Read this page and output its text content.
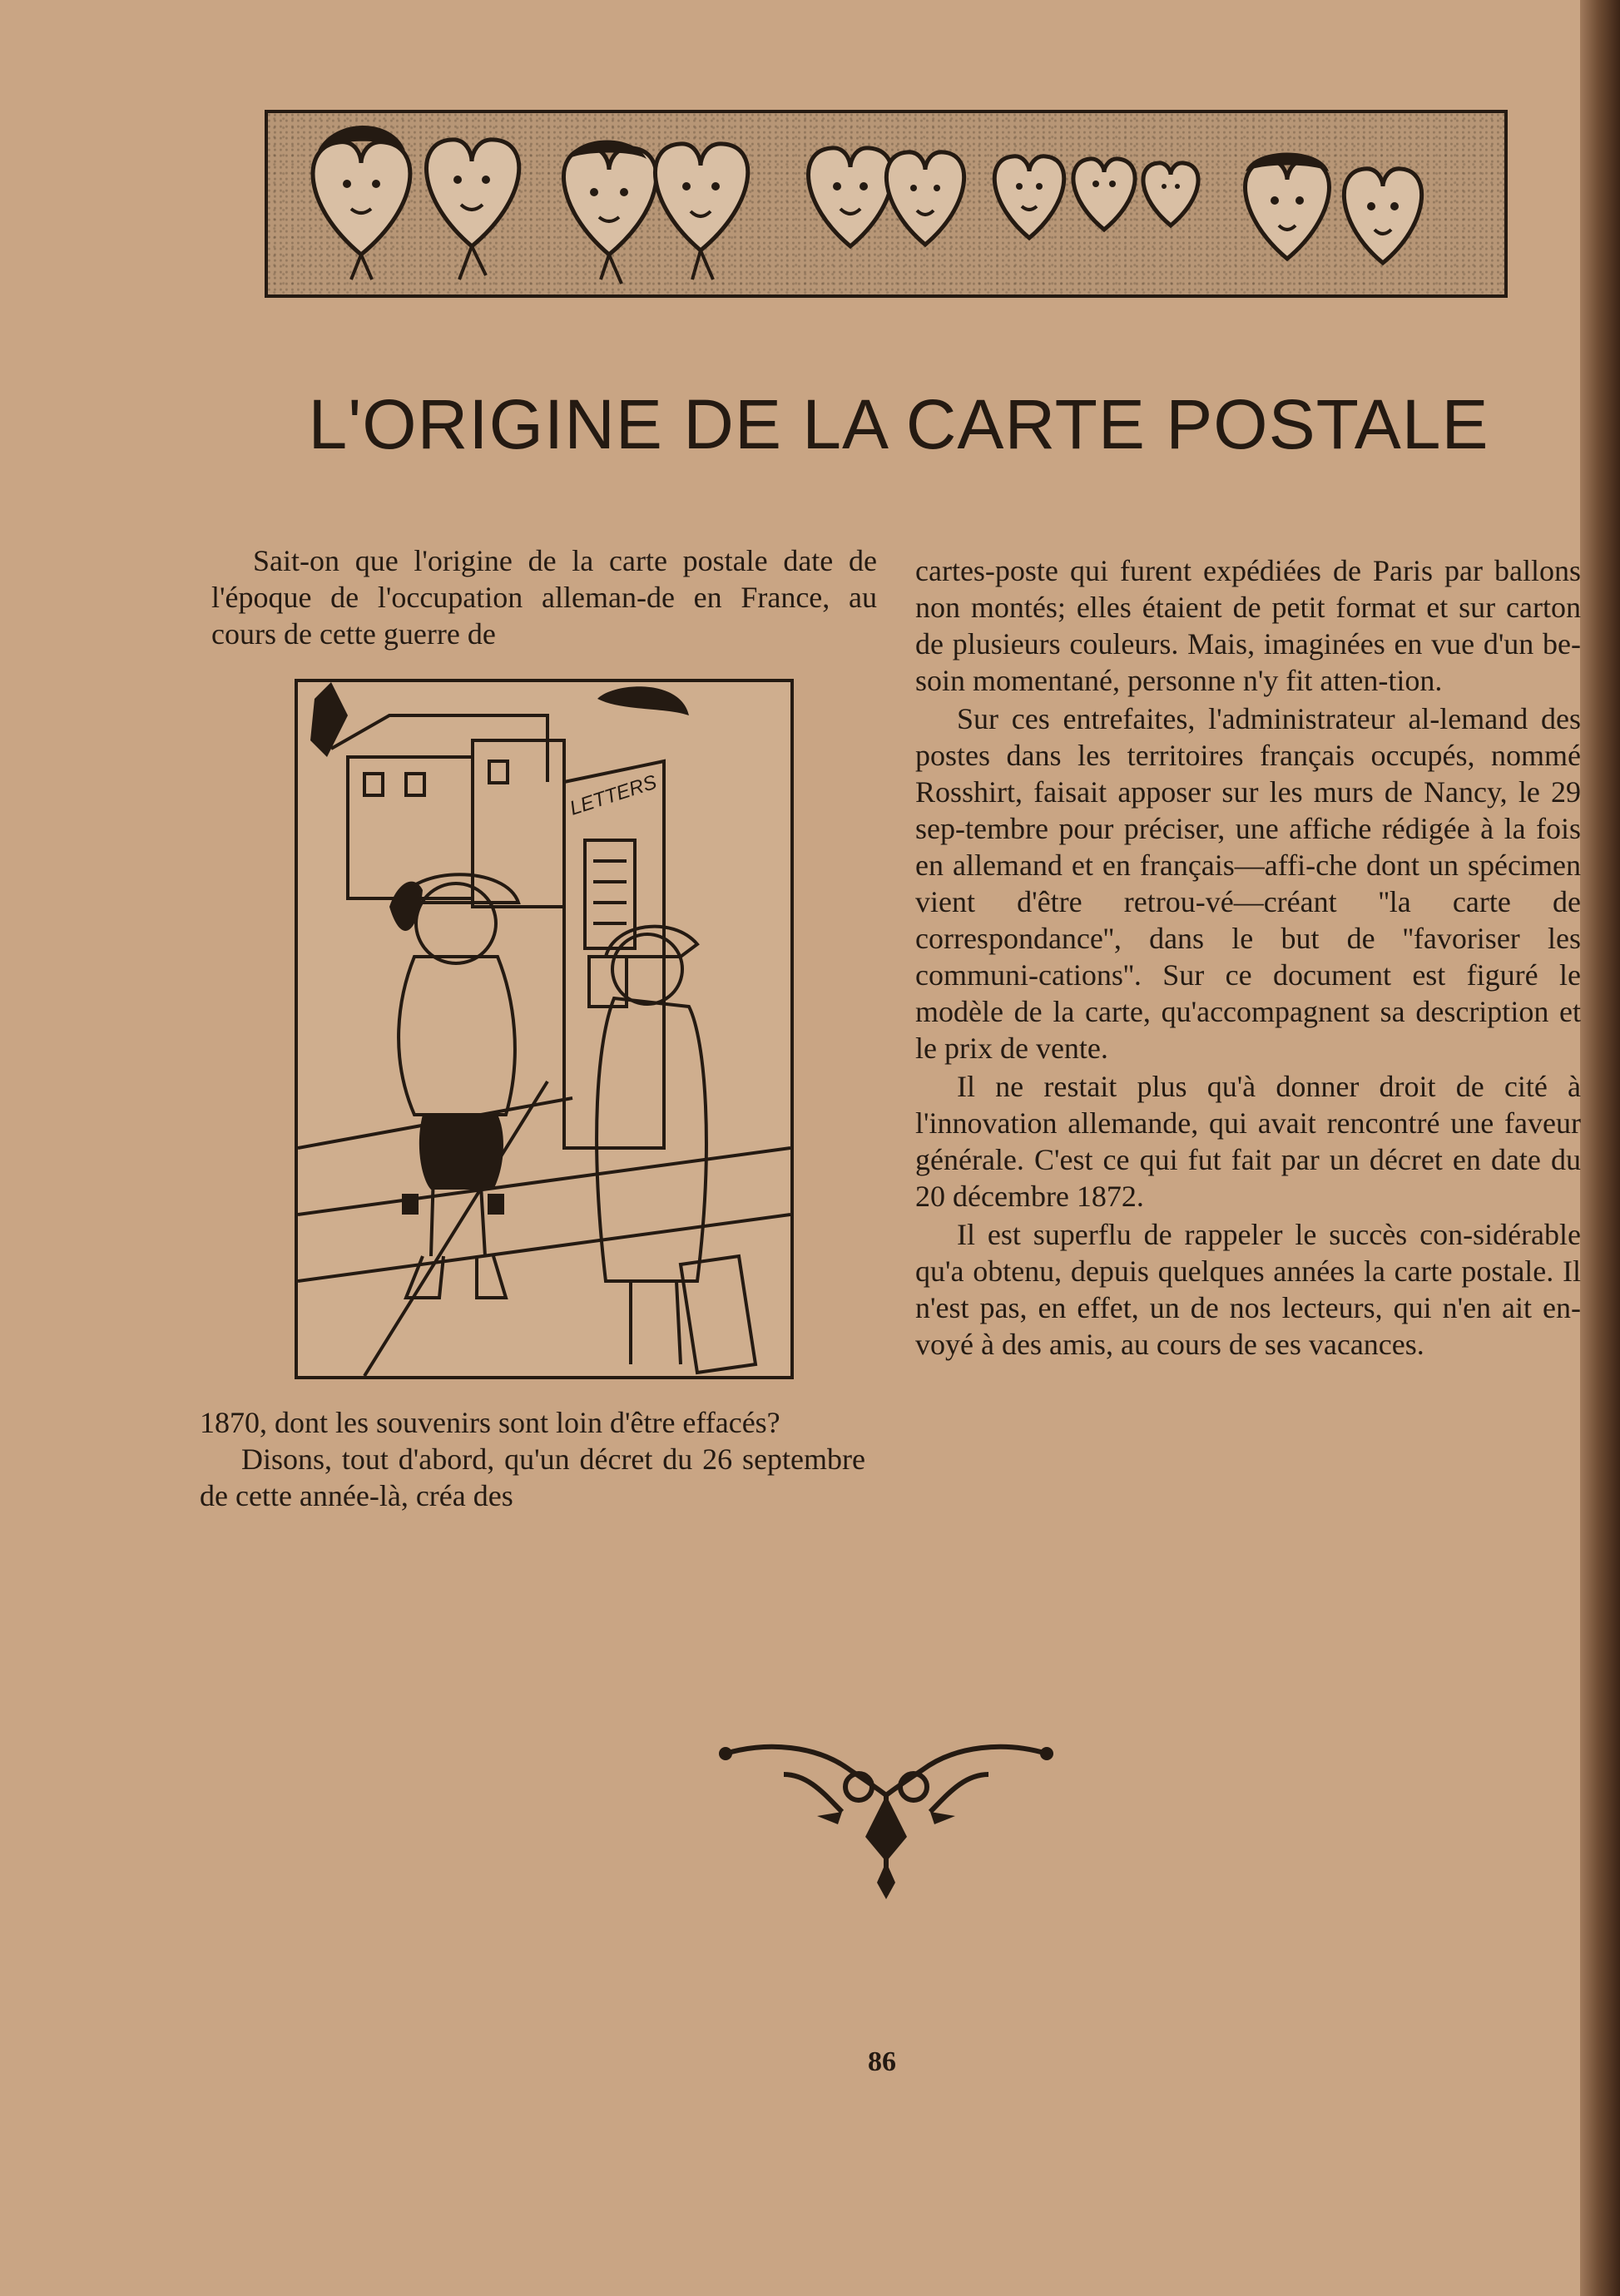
L'ORIGINE DE LA CARTE POSTALE

Sait-on que l'origine de la carte postale date de l'époque de l'occupation alleman-de en France, au cours de cette guerre de

LETTERS

1870, dont les souvenirs sont loin d'être effacés?

Disons, tout d'abord, qu'un décret du 26 septembre de cette année-là, créa des

cartes-poste qui furent expédiées de Paris par ballons non montés; elles étaient de petit format et sur carton de plusieurs couleurs. Mais, imaginées en vue d'un be-soin momentané, personne n'y fit atten-tion.

Sur ces entrefaites, l'administrateur al-lemand des postes dans les territoires français occupés, nommé Rosshirt, faisait apposer sur les murs de Nancy, le 29 sep-tembre pour préciser, une affiche rédigée à la fois en allemand et en français—affi-che dont un spécimen vient d'être retrou-vé—créant ''la carte de correspondance'', dans le but de ''favoriser les communi-cations''. Sur ce document est figuré le modèle de la carte, qu'accompagnent sa description et le prix de vente.

Il ne restait plus qu'à donner droit de cité à l'innovation allemande, qui avait rencontré une faveur générale. C'est ce qui fut fait par un décret en date du 20 décembre 1872.

Il est superflu de rappeler le succès con-sidérable qu'a obtenu, depuis quelques années la carte postale. Il n'est pas, en effet, un de nos lecteurs, qui n'en ait en-voyé à des amis, au cours de ses vacances.

86
